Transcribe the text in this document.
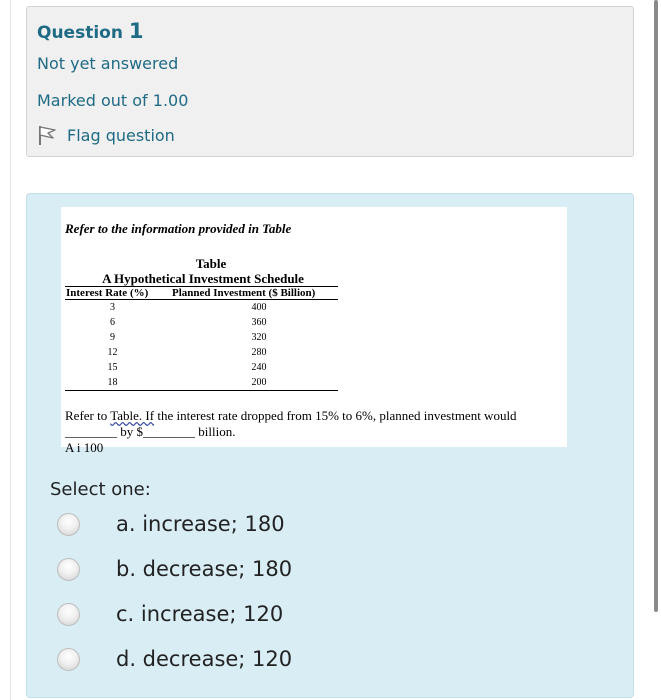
Question 1
Not yet answered
Marked out of 1.00
Flag question
Refer to the information provided in Table
Table
A Hypothetical Investment Schedule
Interest Rate (%)	Planned Investment ($ Billion)
3	400
6	360
9	320
12	280
15	240
18	200
Refer to Table. If the interest rate dropped from 15% to 6%, planned investment would
________ by $________ billion.
A i 100
Select one:
a. increase; 180
b. decrease; 180
c. increase; 120
d. decrease; 120
